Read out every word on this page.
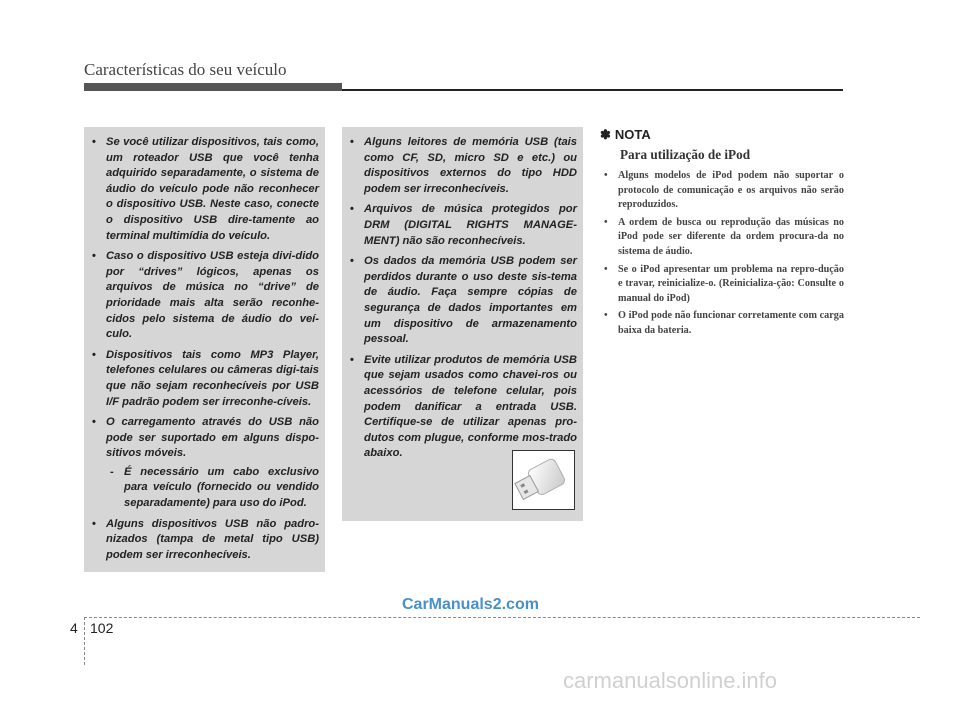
Características do seu veículo
• Se você utilizar dispositivos, tais como, um roteador USB que você tenha adquirido separadamente, o sistema de áudio do veículo pode não reconhecer o dispositivo USB. Neste caso, conecte o dispositivo USB dire-tamente ao terminal multimídia do veículo.
• Caso o dispositivo USB esteja divi-dido por “drives” lógicos, apenas os arquivos de música no “drive” de prioridade mais alta serão reconhe-cidos pelo sistema de áudio do veí-culo.
• Dispositivos tais como MP3 Player, telefones celulares ou câmeras digi-tais que não sejam reconhecíveis por USB I/F padrão podem ser irreconhe-cíveis.
• O carregamento através do USB não pode ser suportado em alguns dispo-sitivos móveis.
- É necessário um cabo exclusivo para veículo (fornecido ou vendido separadamente) para uso do iPod.
• Alguns dispositivos USB não padro-nizados (tampa de metal tipo USB) podem ser irreconhecíveis.
• Alguns leitores de memória USB (tais como CF, SD, micro SD e etc.) ou dispositivos externos do tipo HDD podem ser irreconhecíveis.
• Arquivos de música protegidos por DRM (DIGITAL RIGHTS MANAGE-MENT) não são reconhecíveis.
• Os dados da memória USB podem ser perdidos durante o uso deste sis-tema de áudio. Faça sempre cópias de segurança de dados importantes em um dispositivo de armazenamento pessoal.
• Evite utilizar produtos de memória USB que sejam usados como chavei-ros ou acessórios de telefone celular, pois podem danificar a entrada USB. Certifique-se de utilizar apenas pro-dutos com plugue, conforme mos-trado abaixo.
✽ NOTA
Para utilização de iPod
• Alguns modelos de iPod podem não suportar o protocolo de comunicação e os arquivos não serão reproduzidos.
• A ordem de busca ou reprodução das músicas no iPod pode ser diferente da ordem procura-da no sistema de áudio.
• Se o iPod apresentar um problema na repro-dução e travar, reinicialize-o. (Reinicializa-ção: Consulte o manual do iPod)
• O iPod pode não funcionar corretamente com carga baixa da bateria.
CarManuals2.com
4 102
carmanualsonline.info
